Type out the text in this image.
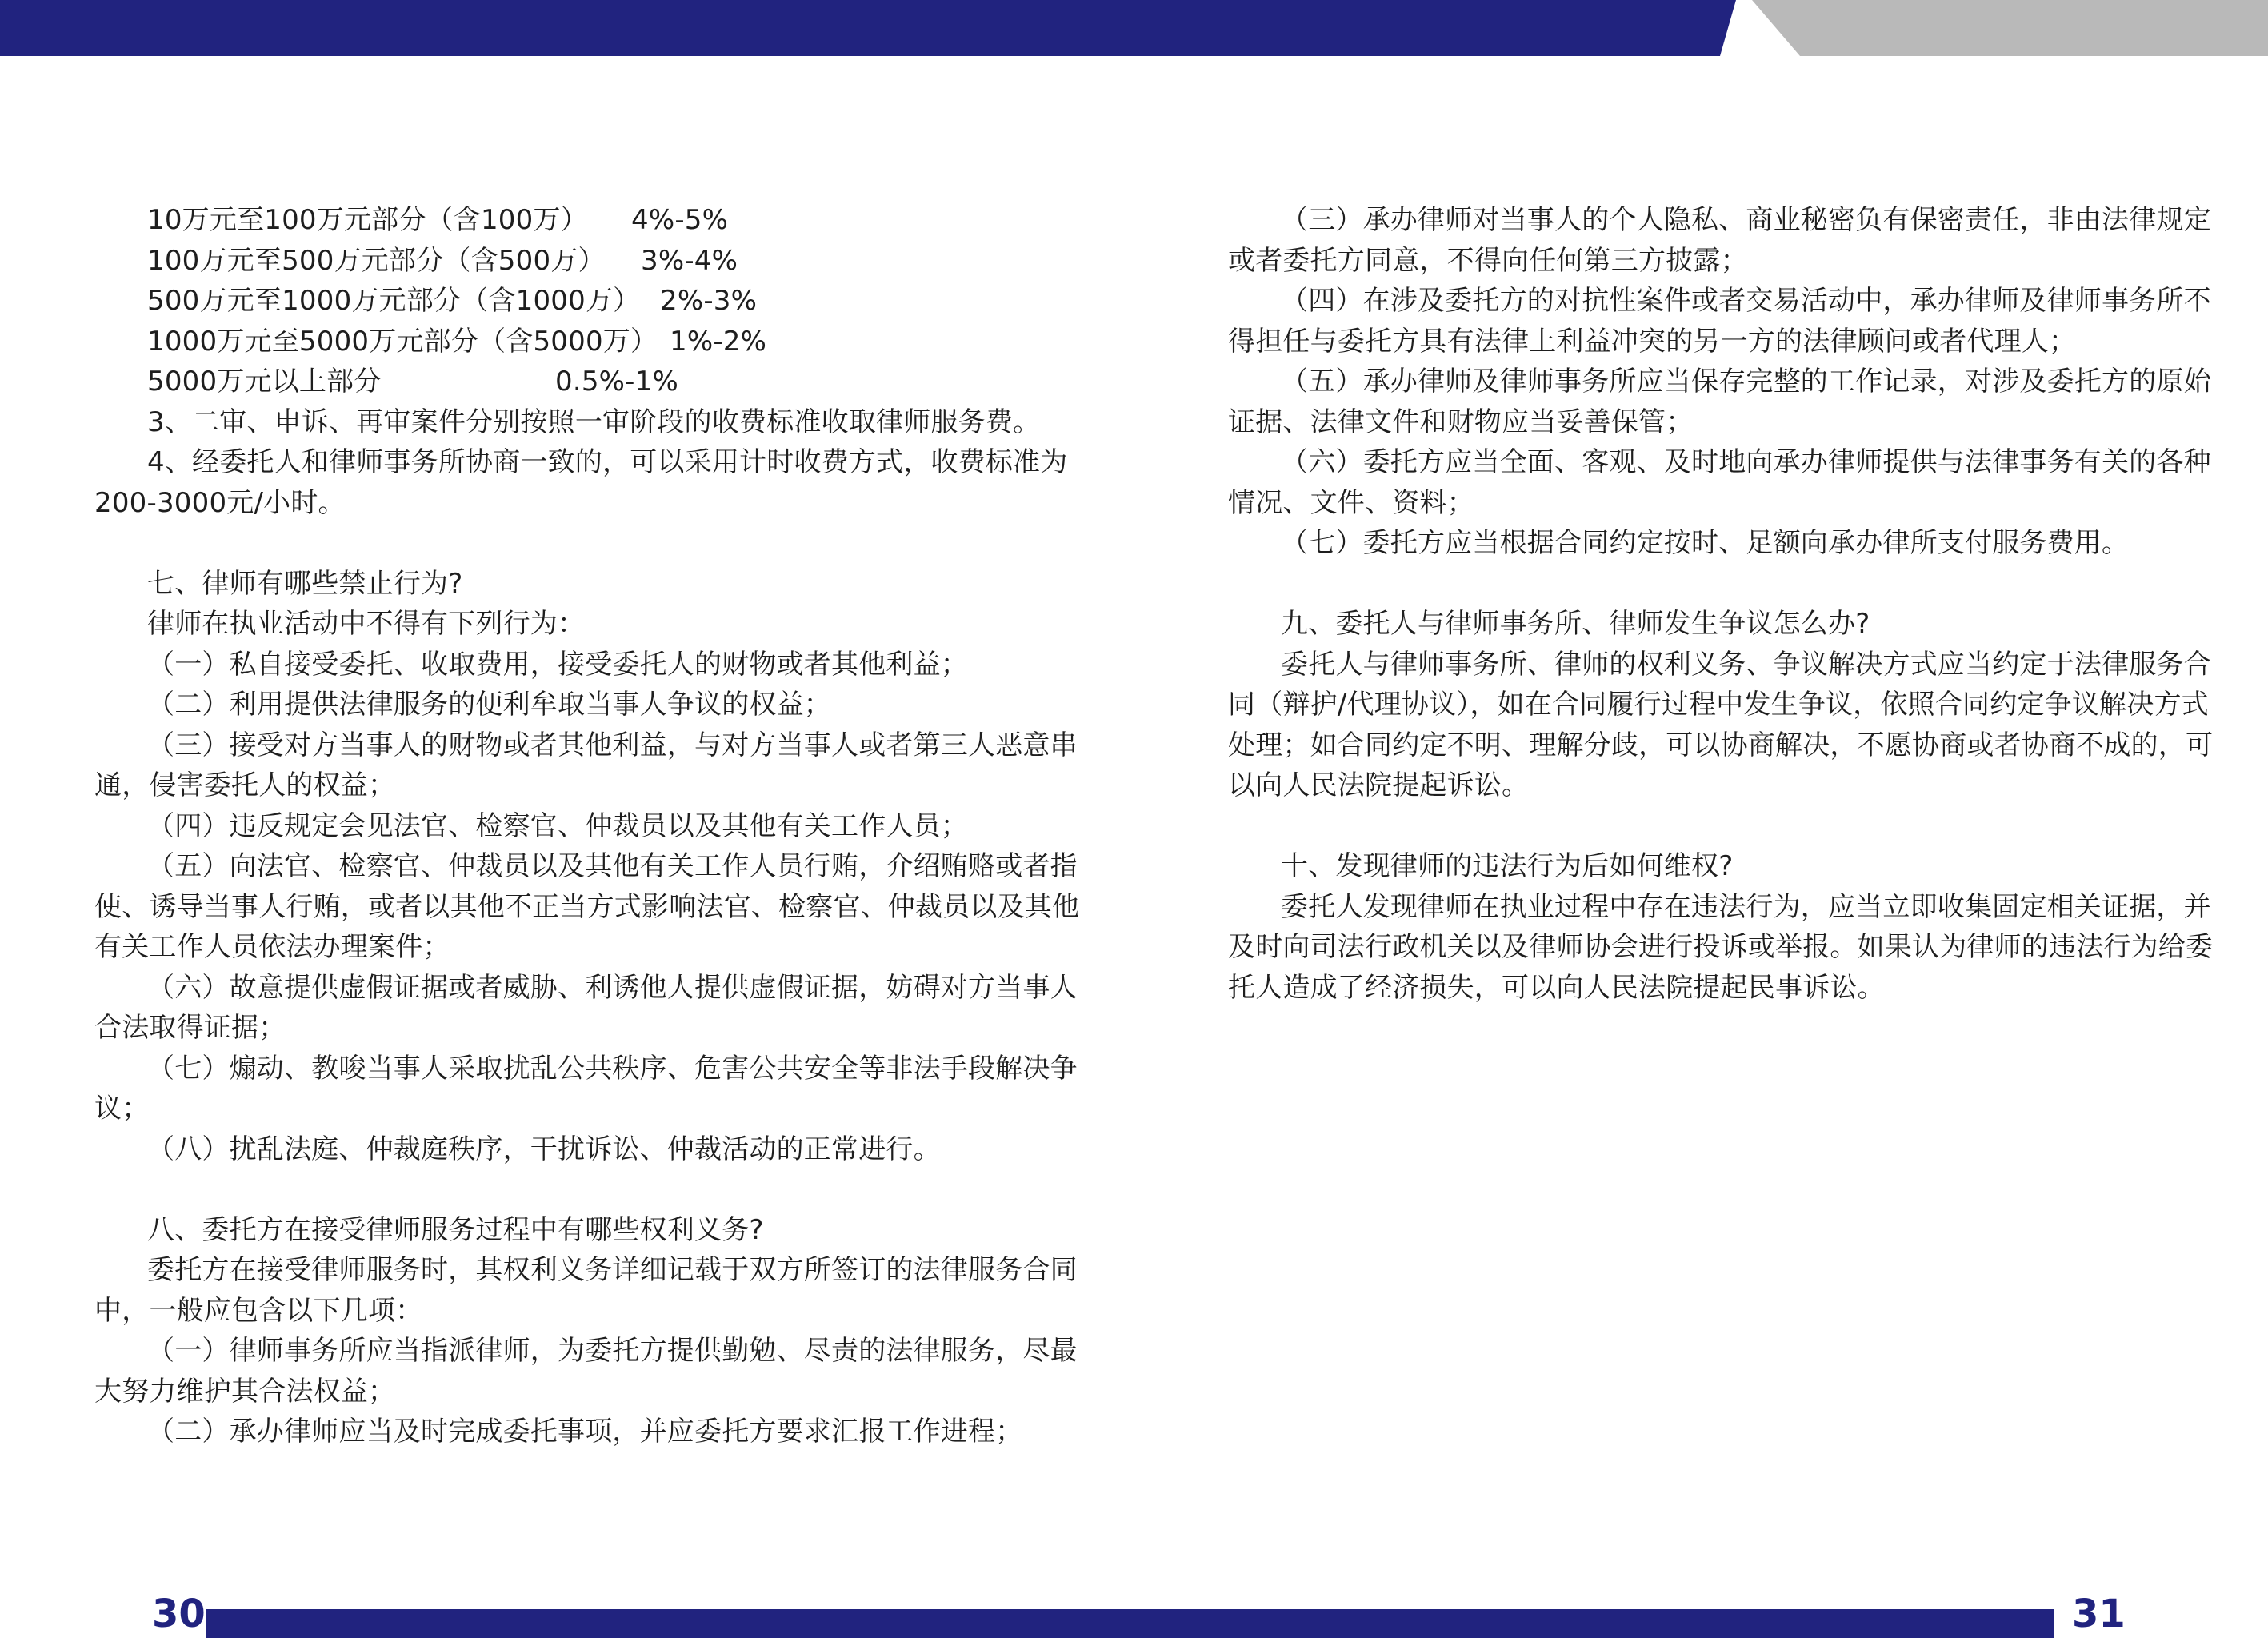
10万元至100万元部分（含100万）	4%-5%
100万元至500万元部分（含500万）	3%-4%
500万元至1000万元部分（含1000万） 2%-3%
1000万元至5000万元部分（含5000万） 1%-2%
5000万元以上部分	0.5%-1%

3、二审、申诉、再审案件分别按照一审阶段的收费标准收取律师服务费。

4、经委托人和律师事务所协商一致的，可以采用计时收费方式，收费标准为

200-3000元/小时。

七、律师有哪些禁止行为?

律师在执业活动中不得有下列行为：

（一）私自接受委托、收取费用，接受委托人的财物或者其他利益；

（二）利用提供法律服务的便利牟取当事人争议的权益；

（三）接受对方当事人的财物或者其他利益，与对方当事人或者第三人恶意串

通，侵害委托人的权益；

（四）违反规定会见法官、检察官、仲裁员以及其他有关工作人员；

（五）向法官、检察官、仲裁员以及其他有关工作人员行贿，介绍贿赂或者指

使、诱导当事人行贿，或者以其他不正当方式影响法官、检察官、仲裁员以及其他

有关工作人员依法办理案件；

（六）故意提供虚假证据或者威胁、利诱他人提供虚假证据，妨碍对方当事人

合法取得证据；

（七）煽动、教唆当事人采取扰乱公共秩序、危害公共安全等非法手段解决争

议；

（八）扰乱法庭、仲裁庭秩序，干扰诉讼、仲裁活动的正常进行。

八、委托方在接受律师服务过程中有哪些权利义务?

委托方在接受律师服务时，其权利义务详细记载于双方所签订的法律服务合同

中，一般应包含以下几项：

（一）律师事务所应当指派律师，为委托方提供勤勉、尽责的法律服务，尽最

大努力维护其合法权益；

（二）承办律师应当及时完成委托事项，并应委托方要求汇报工作进程；

（三）承办律师对当事人的个人隐私、商业秘密负有保密责任，非由法律规定

或者委托方同意，不得向任何第三方披露；

（四）在涉及委托方的对抗性案件或者交易活动中，承办律师及律师事务所不

得担任与委托方具有法律上利益冲突的另一方的法律顾问或者代理人；

（五）承办律师及律师事务所应当保存完整的工作记录，对涉及委托方的原始

证据、法律文件和财物应当妥善保管；

（六）委托方应当全面、客观、及时地向承办律师提供与法律事务有关的各种

情况、文件、资料；

（七）委托方应当根据合同约定按时、足额向承办律所支付服务费用。

九、委托人与律师事务所、律师发生争议怎么办?

委托人与律师事务所、律师的权利义务、争议解决方式应当约定于法律服务合

同（辩护/代理协议），如在合同履行过程中发生争议，依照合同约定争议解决方式

处理；如合同约定不明、理解分歧，可以协商解决，不愿协商或者协商不成的，可

以向人民法院提起诉讼。

十、发现律师的违法行为后如何维权?

委托人发现律师在执业过程中存在违法行为，应当立即收集固定相关证据，并

及时向司法行政机关以及律师协会进行投诉或举报。如果认为律师的违法行为给委

托人造成了经济损失，可以向人民法院提起民事诉讼。

30	31
